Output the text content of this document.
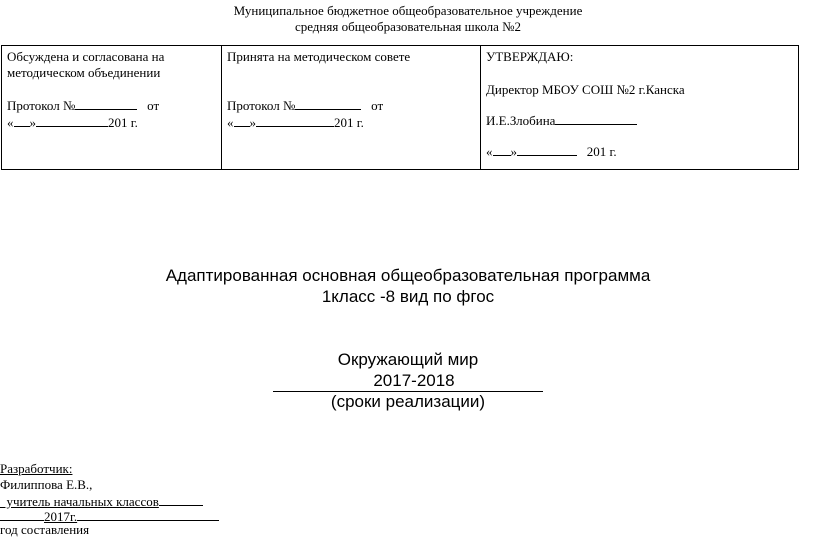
Муниципальное бюджетное общеобразовательное учреждение
средняя общеобразовательная школа №2
Обсуждена и согласована на
методическом объединении
Протокол №	от
« »	201 г.

Принята на методическом совете
Протокол №	от
« »	201 г.

УТВЕРЖДАЮ:
Директор МБОУ СОШ №2 г.Канска
И.Е.Злобина
« »	201 г.
Адаптированная основная общеобразовательная программа
1класс -8 вид по фгос
Окружающий мир
2017-2018
(сроки реализации)
Разработчик:
Филиппова Е.В.,
учитель начальных классов
2017г.
год составления
